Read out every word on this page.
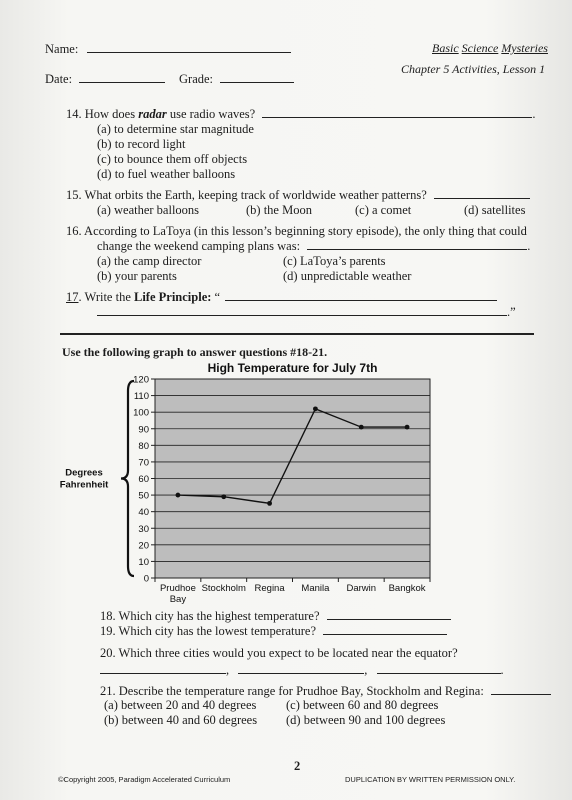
Name:	Basic Science Mysteries
Date:	Grade:
Chapter 5 Activities, Lesson 1
14. How does radar use radio waves?	.
(a) to determine star magnitude
(b) to record light
(c) to bounce them off objects
(d) to fuel weather balloons
15. What orbits the Earth, keeping track of worldwide weather patterns?
(a) weather balloons	(b) the Moon	(c) a comet	(d) satellites
16. According to LaToya (in this lesson’s beginning story episode), the only thing that could
change the weekend camping plans was:	.
(a) the camp director	(c) LaToya’s parents
(b) your parents	(d) unpredictable weather
17. Write the Life Principle: “
.”
Use the following graph to answer questions #18-21.
High Temperature for July 7th
0
10
20
30
40
50
60
70
80
90
100
110
120
Prudhoe
Bay
Stockholm Regina Manila Darwin Bangkok
Degrees
Fahrenheit
18. Which city has the highest temperature?
19. Which city has the lowest temperature?
20. Which three cities would you expect to be located near the equator?
,	,	.
21. Describe the temperature range for Prudhoe Bay, Stockholm and Regina:
(a) between 20 and 40 degrees (c) between 60 and 80 degrees
(b) between 40 and 60 degrees (d) between 90 and 100 degrees
2
©Copyright 2005, Paradigm Accelerated Curriculum	DUPLICATION BY WRITTEN PERMISSION ONLY.
